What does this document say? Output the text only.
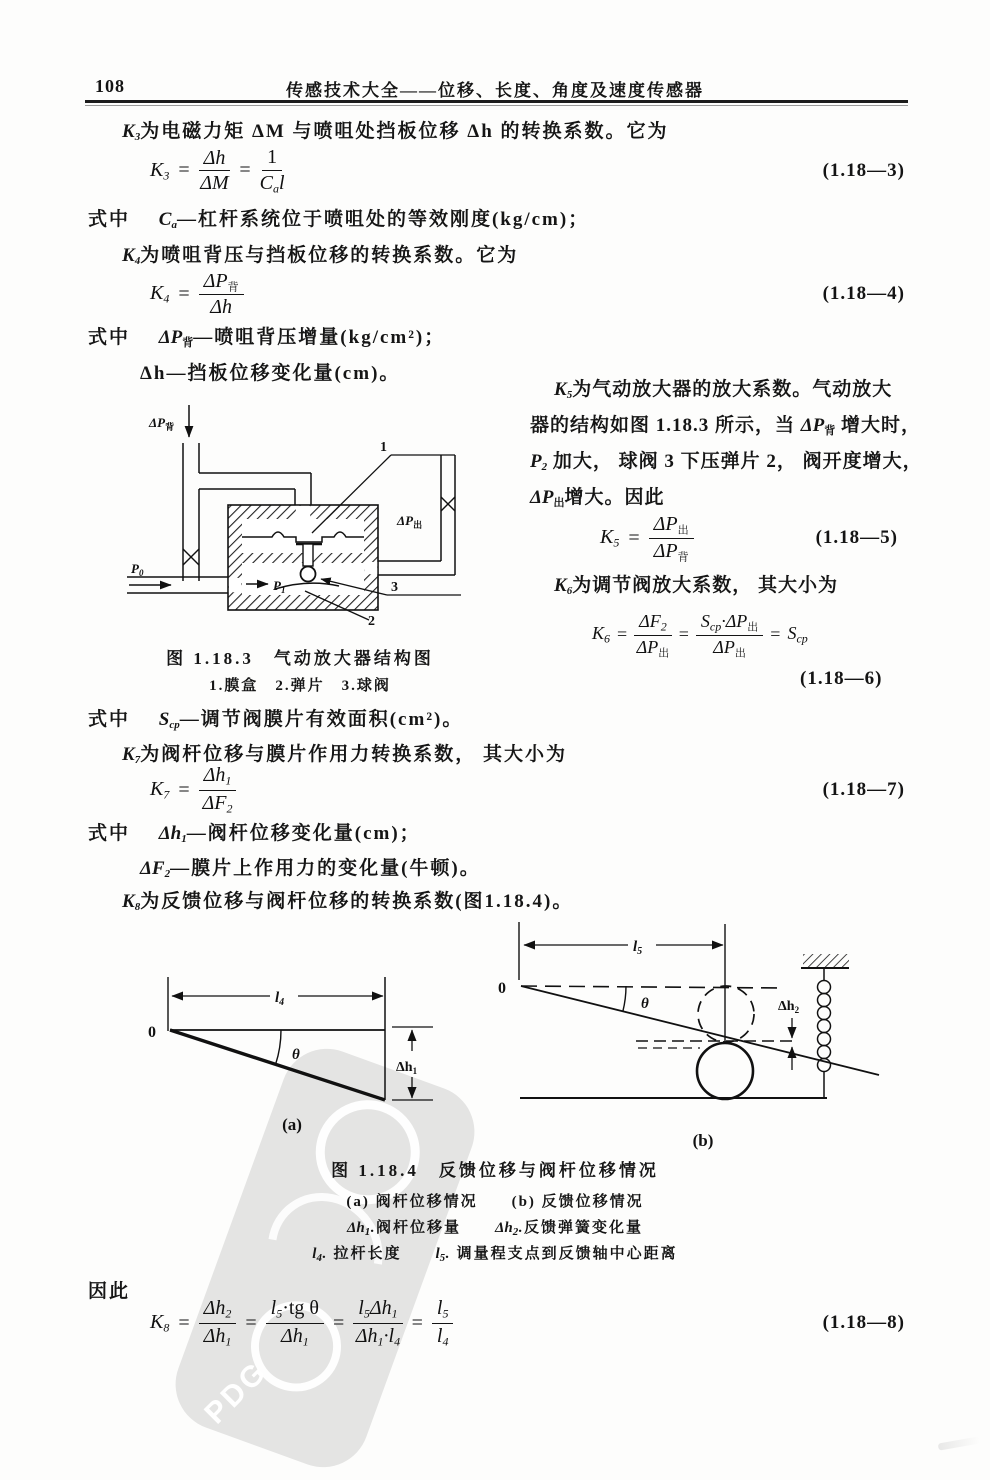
PDG
108	传感技术大全——位移、长度、角度及速度传感器
$K_3$为电磁力矩 ΔM 与喷咀处挡板位移 Δh 的转换系数。它为
$K_3 = \frac{\Delta h}{\Delta M} = \frac{1}{C_al}$	(1.18—3)
式中 $C_a—$杠杆系统位于喷咀处的等效刚度(kg/cm)；
$K_4$为喷咀背压与挡板位移的转换系数。它为
$K_4 = \frac{\Delta P_背}{\Delta h}$	(1.18—4)
式中 $\Delta P_背—$喷咀背压增量(kg/cm²)；
Δh—挡板位移变化量(cm)。
$\Delta P_背$
$P_0$
$P_1$
$\Delta P_出$
1
2
3
图 1.18.3　气动放大器结构图
1.膜盒　2.弹片　3.球阀
$K_5$为气动放大器的放大系数。气动放大
器的结构如图 1.18.3 所示，当 $\Delta P_背$ 增大时，
$P_2$ 加大， 球阀 3 下压弹片 2， 阀开度增大，
$\Delta P_出$增大。因此
$K_5 = \frac{\Delta P_出}{\Delta P_背}$	(1.18—5)
$K_6$为调节阀放大系数， 其大小为
$K_6 = \frac{\Delta F_2}{\Delta P_出} = \frac{S_{cp}\cdot\Delta P_出}{\Delta P_出} = S_{cp}$
(1.18—6)
式中 $S_{cp}—$调节阀膜片有效面积(cm²)。
$K_7$为阀杆位移与膜片作用力转换系数， 其大小为
$K_7 = \frac{\Delta h_1}{\Delta F_2}$	(1.18—7)
式中 $\Delta h_1—$阀杆位移变化量(cm)；
$\Delta F_2—$膜片上作用力的变化量(牛顿)。
$K_8$为反馈位移与阀杆位移的转换系数(图1.18.4)。
$l_4$
0
θ
$\Delta h_1$
(a)
$l_5$
0
θ	$\Delta h_2$
(b)
图 1.18.4　反馈位移与阀杆位移情况
(a) 阀杆位移情况　　(b) 反馈位移情况
$\Delta h_1$.阀杆位移量　　 $\Delta h_2$.反馈弹簧变化量
$l_4$. 拉杆长度　　 $l_5$. 调量程支点到反馈轴中心距离
因此
$K_8 = \frac{\Delta h_2}{\Delta h_1} = \frac{l_5\cdot tg \theta}{\Delta h_1} = \frac{l_5\Delta h_1}{\Delta h_1\cdot l_4} = \frac{l_5}{l_4}$	(1.18—8)
